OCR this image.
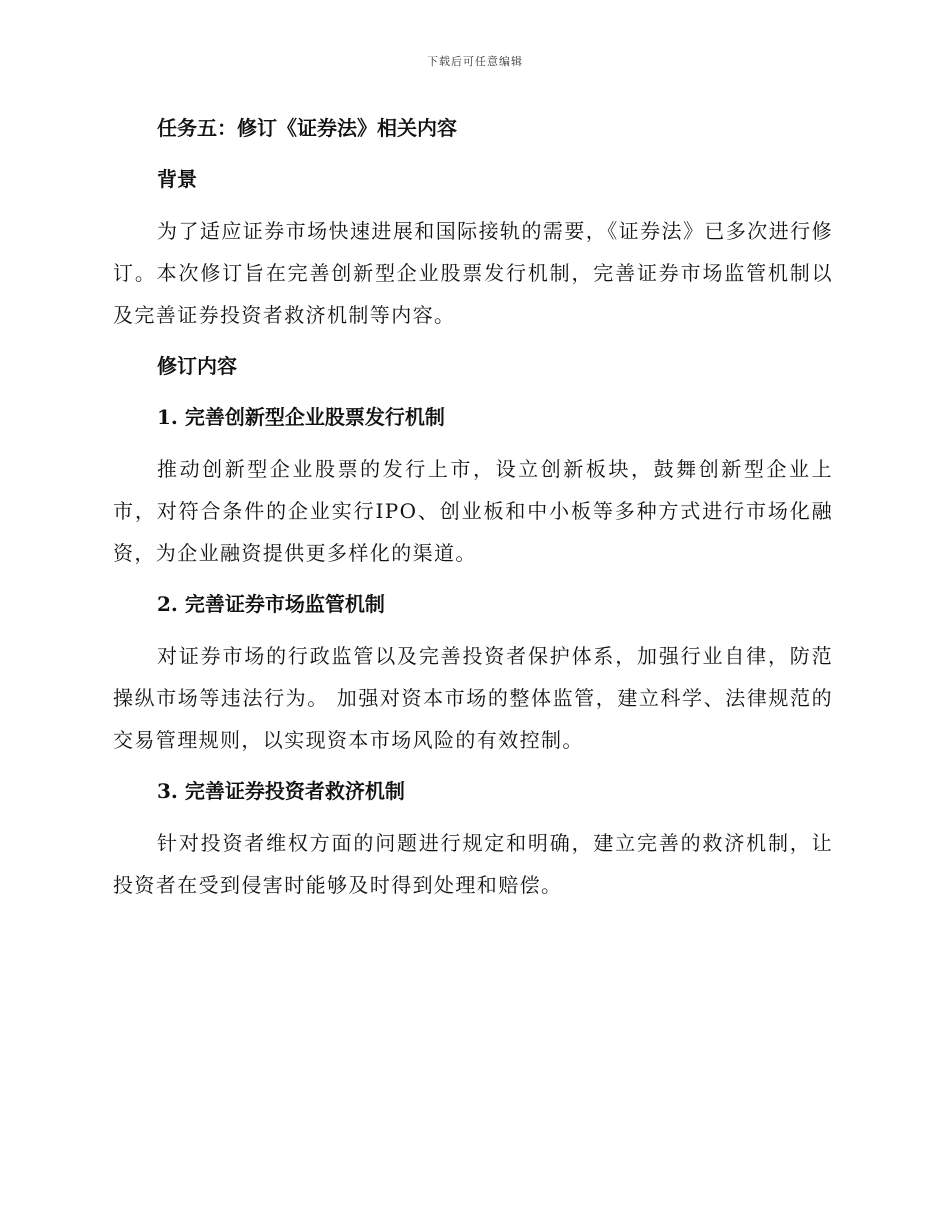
下载后可任意编辑
任务五：修订《证券法》相关内容
背景
为了适应证券市场快速进展和国际接轨的需要，《证券法》已多次进行修订。本次修订旨在完善创新型企业股票发行机制，完善证券市场监管机制以及完善证券投资者救济机制等内容。
修订内容
1. 完善创新型企业股票发行机制
推动创新型企业股票的发行上市，设立创新板块，鼓舞创新型企业上市，对符合条件的企业实行IPO、创业板和中小板等多种方式进行市场化融资，为企业融资提供更多样化的渠道。
2. 完善证券市场监管机制
对证券市场的行政监管以及完善投资者保护体系，加强行业自律，防范操纵市场等违法行为。 加强对资本市场的整体监管，建立科学、法律规范的交易管理规则，以实现资本市场风险的有效控制。
3. 完善证券投资者救济机制
针对投资者维权方面的问题进行规定和明确，建立完善的救济机制，让投资者在受到侵害时能够及时得到处理和赔偿。
